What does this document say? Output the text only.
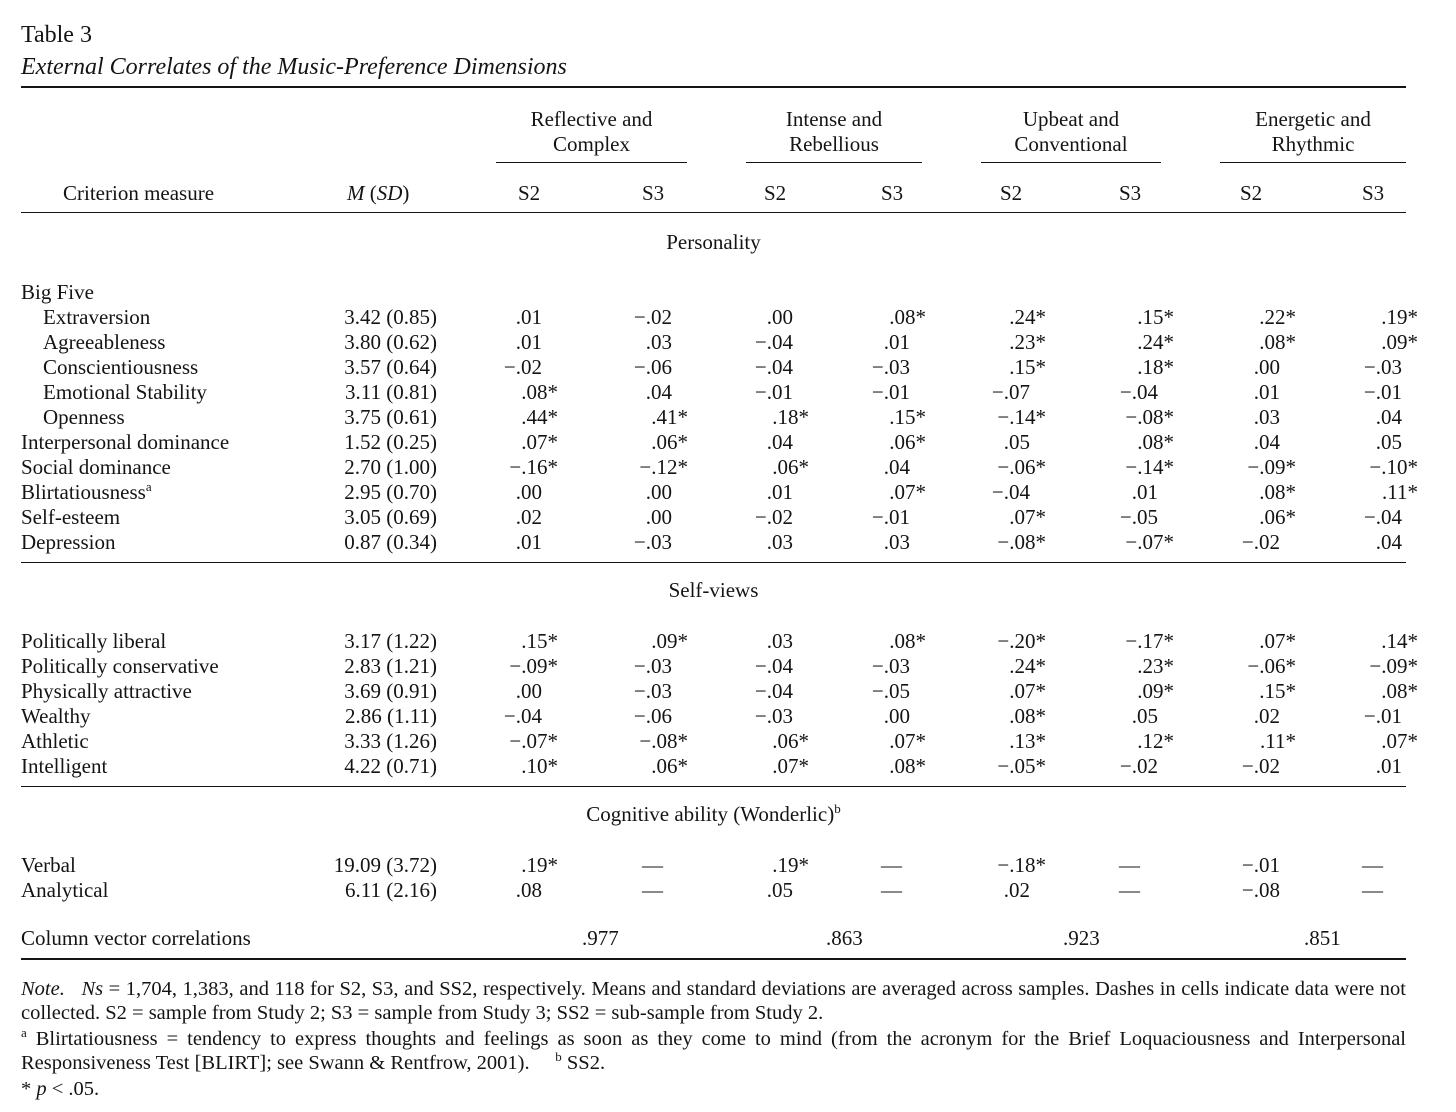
Table 3
External Correlates of the Music-Preference Dimensions
Reflective and
Complex
Intense and
Rebellious
Upbeat and
Conventional
Energetic and
Rhythmic
Criterion measure	M (SD)	S2	S3	S2	S3	S2	S3	S2	S3
Personality
Big Five
Extraversion	3.42 (0.85)	.01	−.02	.00	.08*	.24*	.15*	.22*	.19*
Agreeableness	3.80 (0.62)	.01	.03	−.04	.01	.23*	.24*	.08*	.09*
Conscientiousness	3.57 (0.64)	−.02	−.06	−.04	−.03	.15*	.18*	.00	−.03
Emotional Stability	3.11 (0.81)	.08*	.04	−.01	−.01	−.07	−.04	.01	−.01
Openness	3.75 (0.61)	.44*	.41*	.18*	.15*	−.14*	−.08*	.03	.04
Interpersonal dominance	1.52 (0.25)	.07*	.06*	.04	.06*	.05	.08*	.04	.05
Social dominance	2.70 (1.00)	−.16*	−.12*	.06*	.04	−.06*	−.14*	−.09*	−.10*
Blirtatiousness$^a$	2.95 (0.70)	.00	.00	.01	.07*	−.04	.01	.08*	.11*
Self-esteem	3.05 (0.69)	.02	.00	−.02	−.01	.07*	−.05	.06*	−.04
Depression	0.87 (0.34)	.01	−.03	.03	.03	−.08*	−.07*	−.02	.04
Self-views
Politically liberal	3.17 (1.22)	.15*	.09*	.03	.08*	−.20*	−.17*	.07*	.14*
Politically conservative	2.83 (1.21)	−.09*	−.03	−.04	−.03	.24*	.23*	−.06*	−.09*
Physically attractive	3.69 (0.91)	.00	−.03	−.04	−.05	.07*	.09*	.15*	.08*
Wealthy	2.86 (1.11)	−.04	−.06	−.03	.00	.08*	.05	.02	−.01
Athletic	3.33 (1.26)	−.07*	−.08*	.06*	.07*	.13*	.12*	.11*	.07*
Intelligent	4.22 (0.71)	.10*	.06*	.07*	.08*	−.05*	−.02	−.02	.01
Cognitive ability (Wonderlic)$^b$
Verbal	19.09 (3.72)	.19*	—	.19*	—	−.18*	—	−.01	—
Analytical	6.11 (2.16)	.08	—	.05	—	.02	—	−.08	—
Column vector correlations	.977	.863	.923	.851
Note. Ns = 1,704, 1,383, and 118 for S2, S3, and SS2, respectively. Means and standard deviations are averaged across samples. Dashes in cells indicate data were not collected. S2 = sample from Study 2; S3 = sample from Study 3; SS2 = sub-sample from Study 2.
$^a$ Blirtatiousness = tendency to express thoughts and feelings as soon as they come to mind (from the acronym for the Brief Loquaciousness and Interpersonal Responsiveness Test [BLIRT]; see Swann & Rentfrow, 2001). $^b$ SS2.
* p < .05.
